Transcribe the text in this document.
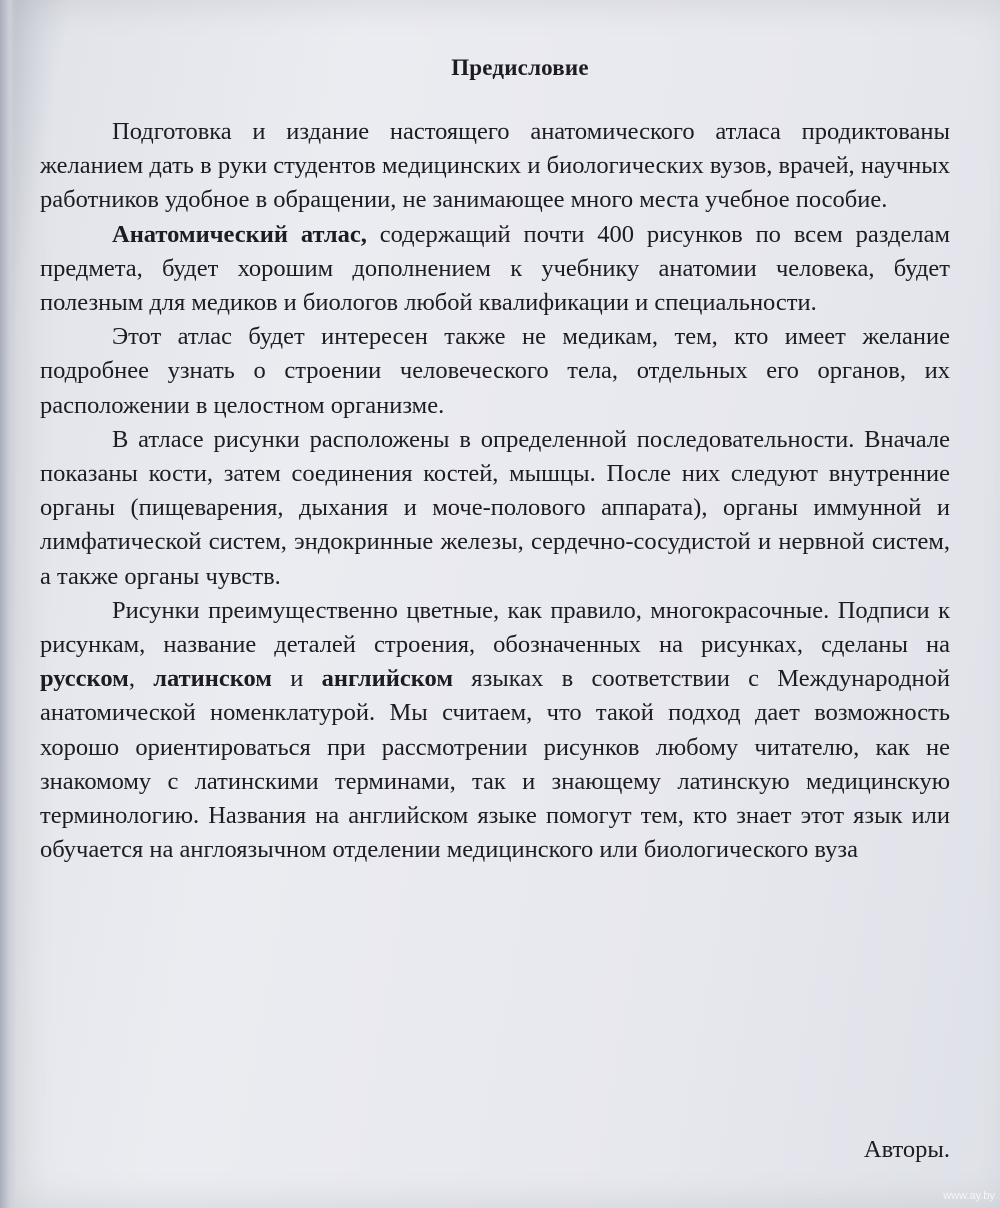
Предисловие

Подготовка и издание настоящего анатомического атласа продиктованы желанием дать в руки студентов медицинских и биологических вузов, врачей, научных работников удобное в обращении, не занимающее много места учебное пособие.

Анатомический атлас, содержащий почти 400 рисунков по всем разделам предмета, будет хорошим дополнением к учебнику анатомии человека, будет полезным для медиков и биологов любой квалификации и специальности.

Этот атлас будет интересен также не медикам, тем, кто имеет желание подробнее узнать о строении человеческого тела, отдельных его органов, их расположении в целостном организме.

В атласе рисунки расположены в определенной последовательности. Вначале показаны кости, затем соединения костей, мышцы. После них следуют внутренние органы (пищеварения, дыхания и моче-полового аппарата), органы иммунной и лимфатической систем, эндокринные железы, сердечно-сосудистой и нервной систем, а также органы чувств.

Рисунки преимущественно цветные, как правило, многокрасочные. Подписи к рисункам, название деталей строения, обозначенных на рисунках, сделаны на русском, латинском и английском языках в соответствии с Международной анатомической номенклатурой. Мы считаем, что такой подход дает возможность хорошо ориентироваться при рассмотрении рисунков любому читателю, как не знакомому с латинскими терминами, так и знающему латинскую медицинскую терминологию. Названия на английском языке помогут тем, кто знает этот язык или обучается на англоязычном отделении медицинского или биологического вуза

Авторы.
www.ay.by
